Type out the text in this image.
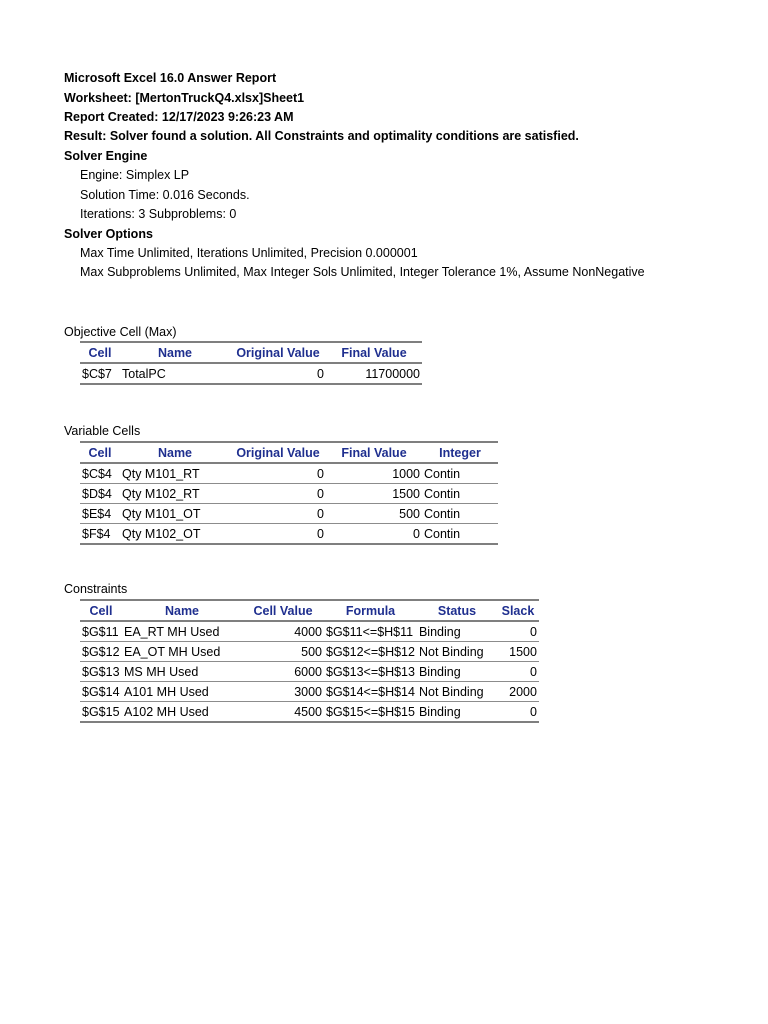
Microsoft Excel 16.0 Answer Report
Worksheet: [MertonTruckQ4.xlsx]Sheet1
Report Created: 12/17/2023 9:26:23 AM
Result: Solver found a solution. All Constraints and optimality conditions are satisfied.
Solver Engine
Engine: Simplex LP
Solution Time: 0.016 Seconds.
Iterations: 3 Subproblems: 0
Solver Options
Max Time Unlimited, Iterations Unlimited, Precision 0.000001
Max Subproblems Unlimited, Max Integer Sols Unlimited, Integer Tolerance 1%, Assume NonNegative
Objective Cell (Max)
Cell	Name	Original Value	Final Value
$C$7	TotalPC	0	11700000
Variable Cells
Cell	Name	Original Value	Final Value	Integer
$C$4	Qty M101_RT	0	1000	Contin
$D$4	Qty M102_RT	0	1500	Contin
$E$4	Qty M101_OT	0	500	Contin
$F$4	Qty M102_OT	0	0	Contin
Constraints
Cell	Name	Cell Value	Formula	Status	Slack
$G$11	EA_RT MH Used	4000	$G$11<=$H$11	Binding	0
$G$12	EA_OT MH Used	500	$G$12<=$H$12	Not Binding	1500
$G$13	MS MH Used	6000	$G$13<=$H$13	Binding	0
$G$14	A101 MH Used	3000	$G$14<=$H$14	Not Binding	2000
$G$15	A102 MH Used	4500	$G$15<=$H$15	Binding	0
